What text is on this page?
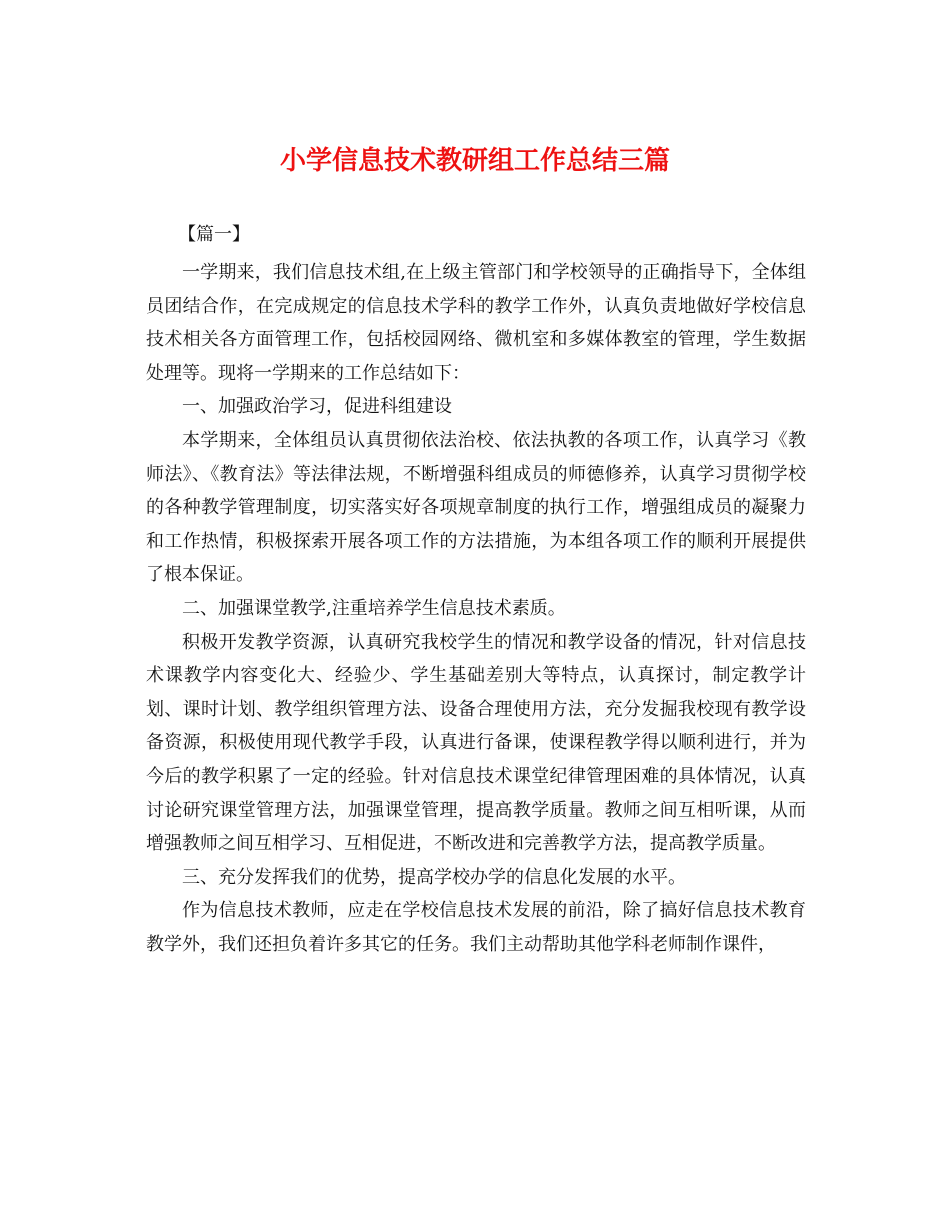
小学信息技术教研组工作总结三篇
【篇一】

一学期来，我们信息技术组,在上级主管部门和学校领导的正确指导下，全体组员团结合作，在完成规定的信息技术学科的教学工作外，认真负责地做好学校信息技术相关各方面管理工作，包括校园网络、微机室和多媒体教室的管理，学生数据处理等。现将一学期来的工作总结如下：

一、加强政治学习，促进科组建设

本学期来，全体组员认真贯彻依法治校、依法执教的各项工作，认真学习《教师法》、《教育法》等法律法规，不断增强科组成员的师德修养，认真学习贯彻学校的各种教学管理制度，切实落实好各项规章制度的执行工作，增强组成员的凝聚力和工作热情，积极探索开展各项工作的方法措施，为本组各项工作的顺利开展提供了根本保证。

二、加强课堂教学,注重培养学生信息技术素质。

积极开发教学资源，认真研究我校学生的情况和教学设备的情况，针对信息技术课教学内容变化大、经验少、学生基础差别大等特点，认真探讨，制定教学计划、课时计划、教学组织管理方法、设备合理使用方法，充分发掘我校现有教学设备资源，积极使用现代教学手段，认真进行备课，使课程教学得以顺利进行，并为今后的教学积累了一定的经验。针对信息技术课堂纪律管理困难的具体情况，认真讨论研究课堂管理方法，加强课堂管理，提高教学质量。教师之间互相听课，从而增强教师之间互相学习、互相促进，不断改进和完善教学方法，提高教学质量。

三、充分发挥我们的优势，提高学校办学的信息化发展的水平。

作为信息技术教师，应走在学校信息技术发展的前沿，除了搞好信息技术教育教学外，我们还担负着许多其它的任务。我们主动帮助其他学科老师制作课件，
